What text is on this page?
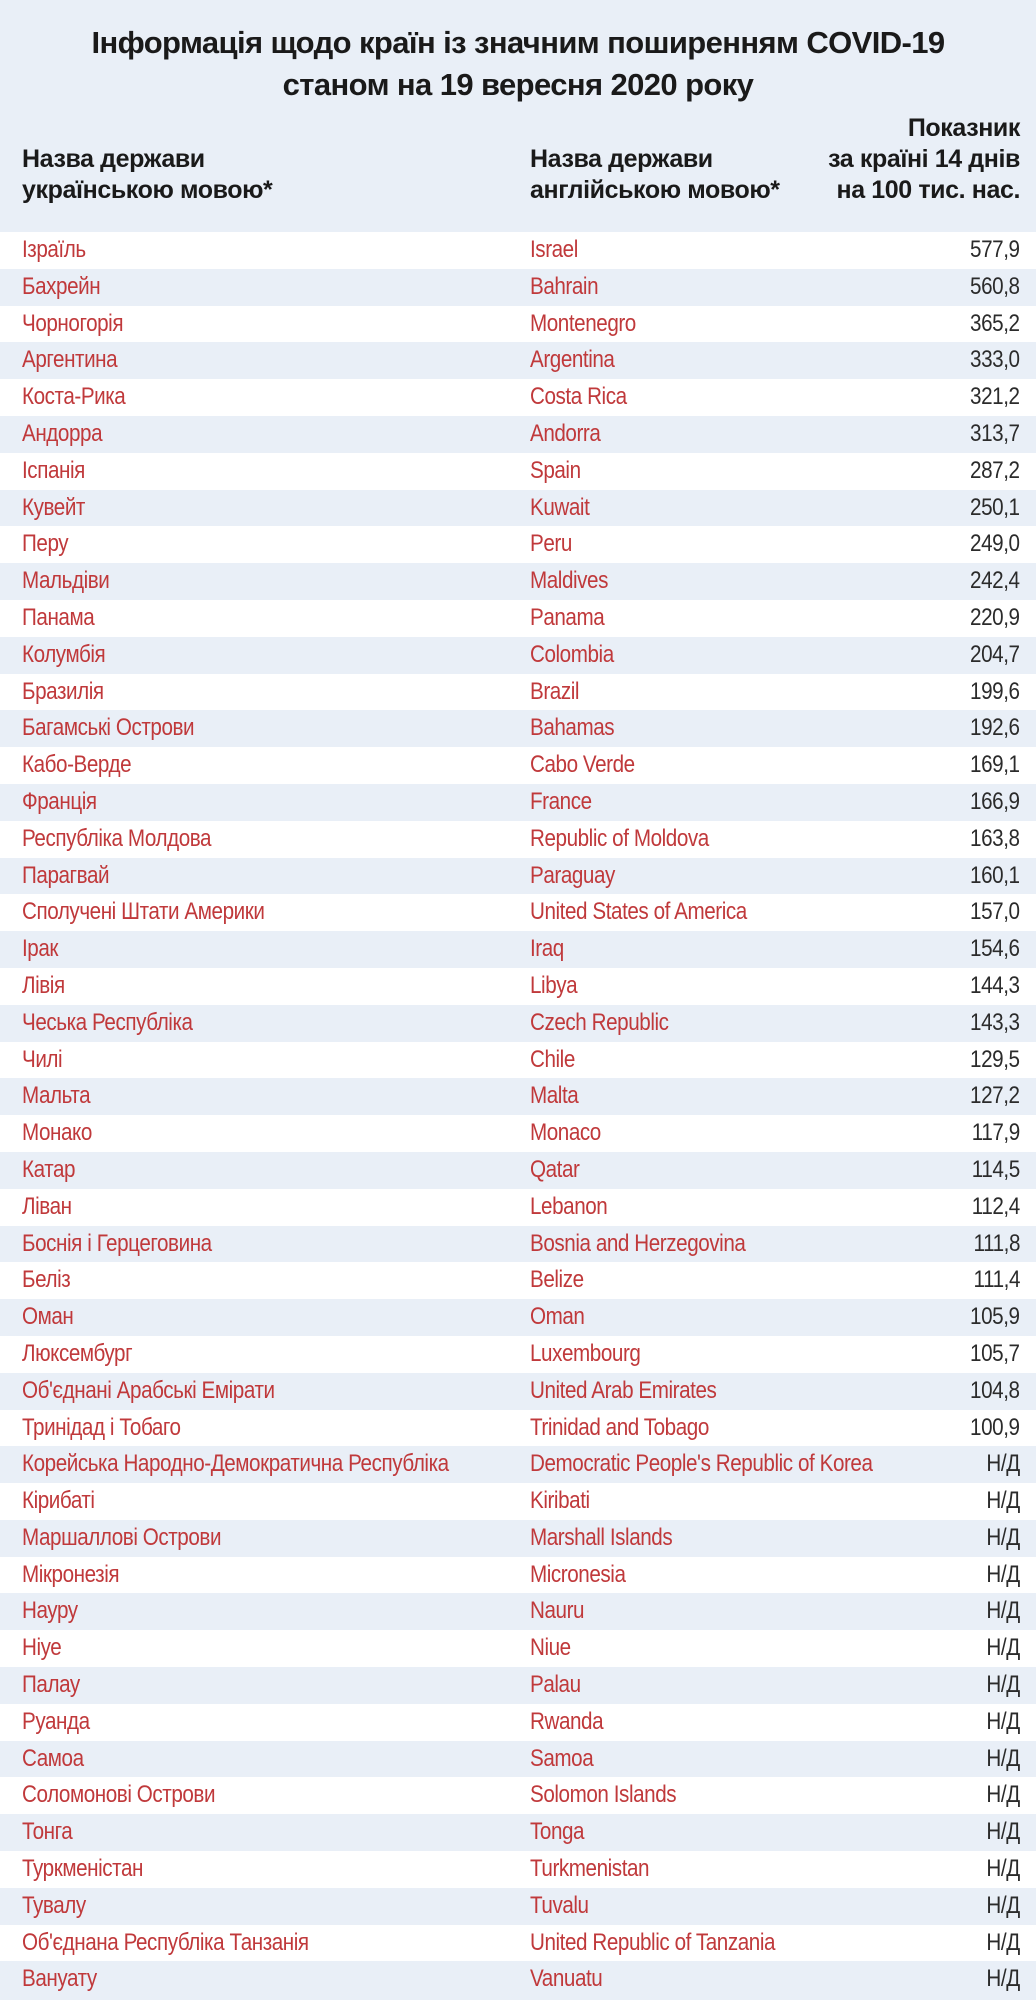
Інформація щодо країн із значним поширенням COVID-19
станом на 19 вересня 2020 року
Назва держави
українською мовою*
Назва держави
англійською мовою*
Показник
за країні 14 днів
на 100 тис. нас.
Ізраїль	Israel	577,9
Бахрейн	Bahrain	560,8
Чорногорія	Montenegro	365,2
Аргентина	Argentina	333,0
Коста-Рика	Costa Rica	321,2
Андорра	Andorra	313,7
Іспанія	Spain	287,2
Кувейт	Kuwait	250,1
Перу	Peru	249,0
Мальдіви	Maldives	242,4
Панама	Panama	220,9
Колумбія	Colombia	204,7
Бразилія	Brazil	199,6
Багамські Острови	Bahamas	192,6
Кабо-Верде	Cabo Verde	169,1
Франція	France	166,9
Республіка Молдова	Republic of Moldova	163,8
Парагвай	Paraguay	160,1
Сполучені Штати Америки	United States of America	157,0
Ірак	Iraq	154,6
Лівія	Libya	144,3
Чеська Республіка	Czech Republic	143,3
Чилі	Chile	129,5
Мальта	Malta	127,2
Монако	Monaco	117,9
Катар	Qatar	114,5
Ліван	Lebanon	112,4
Боснія і Герцеговина	Bosnia and Herzegovina	111,8
Беліз	Belize	111,4
Оман	Oman	105,9
Люксембург	Luxembourg	105,7
Об'єднані Арабські Емірати	United Arab Emirates	104,8
Тринідад і Тобаго	Trinidad and Tobago	100,9
Корейська Народно-Демократична Республіка	Democratic People's Republic of Korea	Н/Д
Кірибаті	Kiribati	Н/Д
Маршаллові Острови	Marshall Islands	Н/Д
Мікронезія	Micronesia	Н/Д
Науру	Nauru	Н/Д
Ніуе	Niue	Н/Д
Палау	Palau	Н/Д
Руанда	Rwanda	Н/Д
Самоа	Samoa	Н/Д
Соломонові Острови	Solomon Islands	Н/Д
Тонга	Tonga	Н/Д
Туркменістан	Turkmenistan	Н/Д
Тувалу	Tuvalu	Н/Д
Об'єднана Республіка Танзанія	United Republic of Tanzania	Н/Д
Вануату	Vanuatu	Н/Д
